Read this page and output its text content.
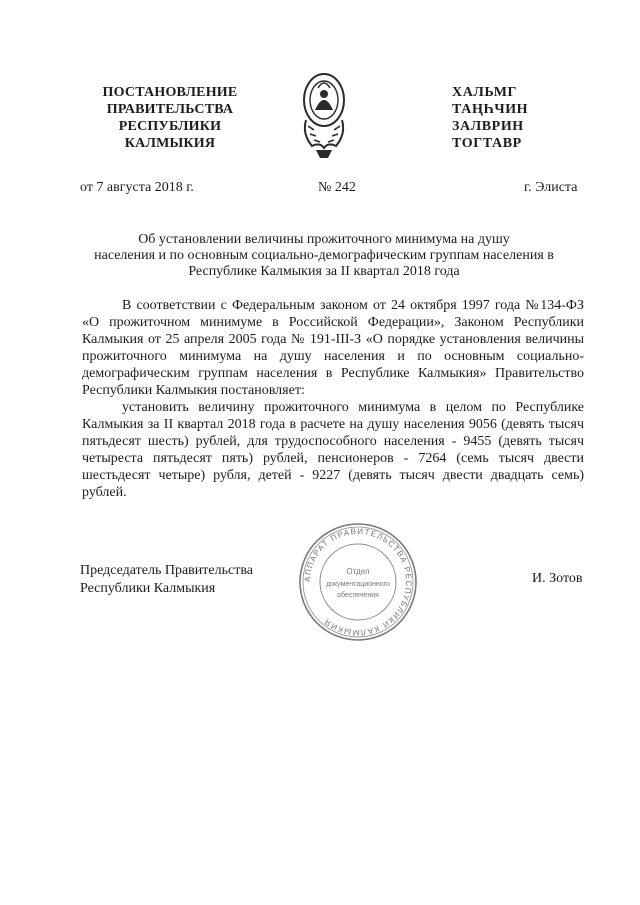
ПОСТАНОВЛЕНИЕ
ПРАВИТЕЛЬСТВА
РЕСПУБЛИКИ
КАЛМЫКИЯ
ХАЛЬМГ
ТАҢҺЧИН
ЗАЛВРИН
ТОГТАВР
от 7 августа 2018 г.	№ 242	г. Элиста
Об установлении величины прожиточного минимума на душу
населения и по основным социально-демографическим группам населения в
Республике Калмыкия за II квартал 2018 года

В соответствии с Федеральным законом от 24 октября 1997 года №134-ФЗ «О прожиточном минимуме в Российской Федерации», Законом Республики Калмыкия от 25 апреля 2005 года № 191-III-З «О порядке установления величины прожиточного минимума на душу населения и по основным социально-демографическим группам населения в Республике Калмыкия» Правительство Республики Калмыкия постановляет:

установить величину прожиточного минимума в целом по Республике Калмыкия за II квартал 2018 года в расчете на душу населения 9056 (девять тысяч пятьдесят шесть) рублей, для трудоспособного населения - 9455 (девять тысяч четыреста пятьдесят пять) рублей, пенсионеров - 7264 (семь тысяч двести шестьдесят четыре) рубля, детей - 9227 (девять тысяч двести двадцать семь) рублей.

Председатель Правительства
Республики Калмыкия
АППАРАТ ПРАВИТЕЛЬСТВА РЕСПУБЛИКИ КАЛМЫКИЯ
Отдел
документационного
обеспечения
И. Зотов
